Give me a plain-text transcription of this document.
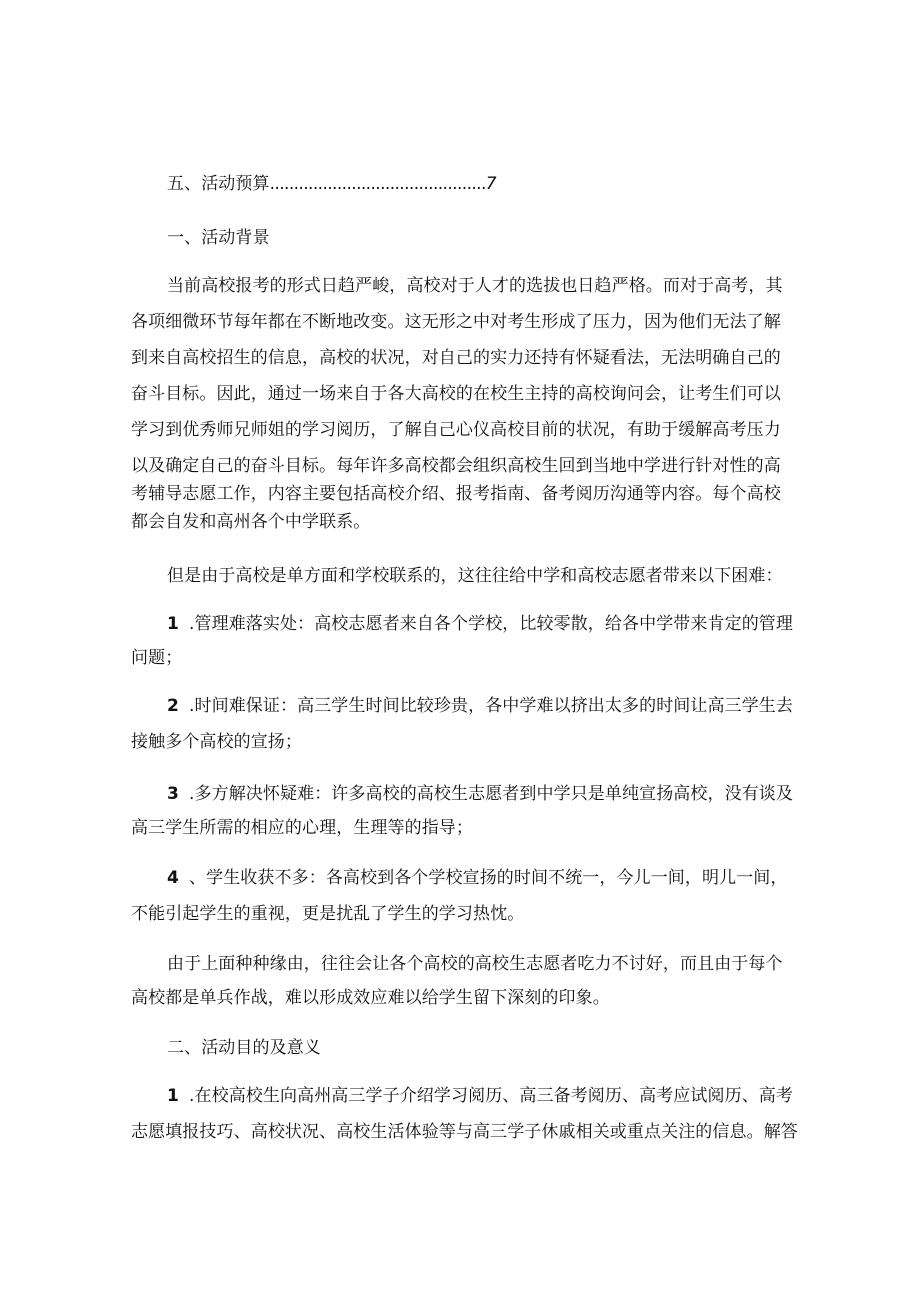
五、活动预算.............................................7
一、活动背景
当前高校报考的形式日趋严峻，高校对于人才的选拔也日趋严格。而对于高考，其
各项细微环节每年都在不断地改变。这无形之中对考生形成了压力，因为他们无法了解
到来自高校招生的信息，高校的状况，对自己的实力还持有怀疑看法，无法明确自己的
奋斗目标。因此，通过一场来自于各大高校的在校生主持的高校询问会，让考生们可以
学习到优秀师兄师姐的学习阅历，了解自己心仪高校目前的状况，有助于缓解高考压力
以及确定自己的奋斗目标。每年许多高校都会组织高校生回到当地中学进行针对性的高
考辅导志愿工作，内容主要包括高校介绍、报考指南、备考阅历沟通等内容。每个高校
都会自发和高州各个中学联系。
但是由于高校是单方面和学校联系的，这往往给中学和高校志愿者带来以下困难：
1 .管理难落实处：高校志愿者来自各个学校，比较零散，给各中学带来肯定的管理
问题；
2 .时间难保证：高三学生时间比较珍贵，各中学难以挤出太多的时间让高三学生去
接触多个高校的宣扬；
3 .多方解决怀疑难：许多高校的高校生志愿者到中学只是单纯宣扬高校，没有谈及
高三学生所需的相应的心理，生理等的指导；
4 、学生收获不多：各高校到各个学校宣扬的时间不统一，今儿一间，明儿一间，
不能引起学生的重视，更是扰乱了学生的学习热忱。
由于上面种种缘由，往往会让各个高校的高校生志愿者吃力不讨好，而且由于每个
高校都是单兵作战，难以形成效应难以给学生留下深刻的印象。
二、活动目的及意义
1 .在校高校生向高州高三学子介绍学习阅历、高三备考阅历、高考应试阅历、高考
志愿填报技巧、高校状况、高校生活体验等与高三学子休戚相关或重点关注的信息。解答
